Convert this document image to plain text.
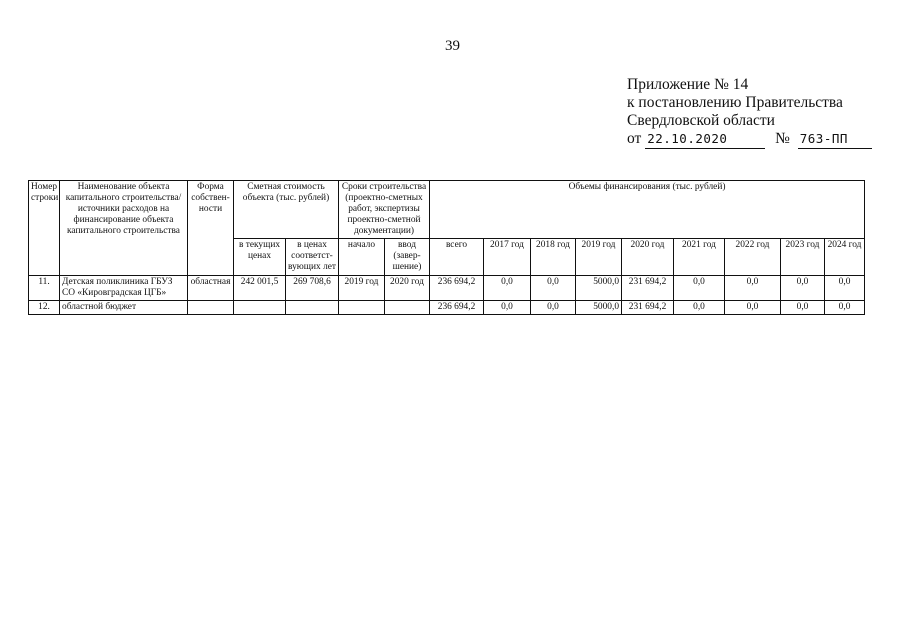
39
Приложение № 14
к постановлению Правительства
Свердловской области
от 22.10.2020	№ 763-ПП
Номер строки	Наименование объекта капитального строительства/ источники расходов на финансирование объекта капитального строительства	Форма собствен-ности	Сметная стоимость объекта (тыс. рублей)		Сроки строительства (проектно-сметных работ, экспертизы проектно-сметной документации)		Объемы финансирования (тыс. рублей)								
			в текущих ценах	в ценах соответст-вующих лет	начало	ввод (завер-шение)	всего	2017 год	2018 год	2019 год	2020 год	2021 год	2022 год	2023 год	2024 год
11.	Детская поликлиника ГБУЗ СО «Кировградская ЦГБ»	областная	242 001,5	269 708,6	2019 год	2020 год	236 694,2	0,0	0,0	5000,0	231 694,2	0,0	0,0	0,0	0,0
12.	областной бюджет						236 694,2	0,0	0,0	5000,0	231 694,2	0,0	0,0	0,0	0,0
